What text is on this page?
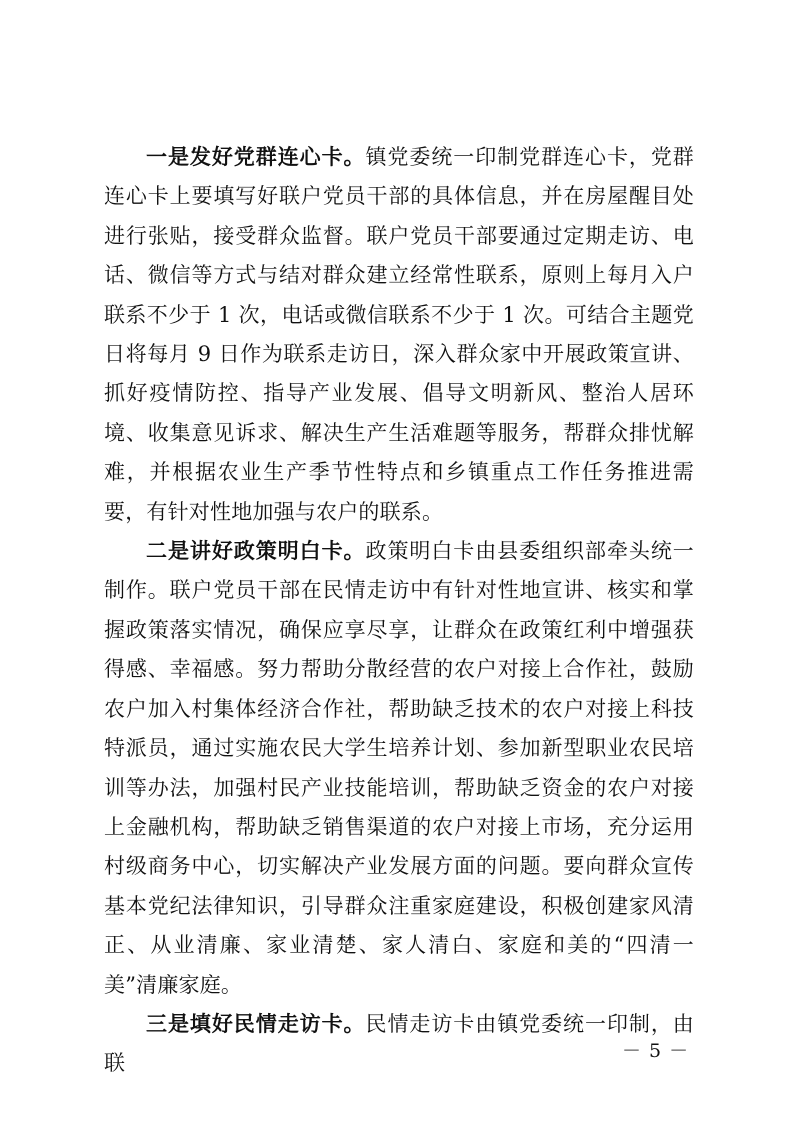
一是发好党群连心卡。镇党委统一印制党群连心卡，党群连心卡上要填写好联户党员干部的具体信息，并在房屋醒目处进行张贴，接受群众监督。联户党员干部要通过定期走访、电话、微信等方式与结对群众建立经常性联系，原则上每月入户联系不少于 1 次，电话或微信联系不少于 1 次。可结合主题党日将每月 9 日作为联系走访日，深入群众家中开展政策宣讲、抓好疫情防控、指导产业发展、倡导文明新风、整治人居环境、收集意见诉求、解决生产生活难题等服务，帮群众排忧解难，并根据农业生产季节性特点和乡镇重点工作任务推进需要，有针对性地加强与农户的联系。

二是讲好政策明白卡。政策明白卡由县委组织部牵头统一制作。联户党员干部在民情走访中有针对性地宣讲、核实和掌握政策落实情况，确保应享尽享，让群众在政策红利中增强获得感、幸福感。努力帮助分散经营的农户对接上合作社，鼓励农户加入村集体经济合作社，帮助缺乏技术的农户对接上科技特派员，通过实施农民大学生培养计划、参加新型职业农民培训等办法，加强村民产业技能培训，帮助缺乏资金的农户对接上金融机构，帮助缺乏销售渠道的农户对接上市场，充分运用村级商务中心，切实解决产业发展方面的问题。要向群众宣传基本党纪法律知识，引导群众注重家庭建设，积极创建家风清正、从业清廉、家业清楚、家人清白、家庭和美的“四清一美”清廉家庭。

三是填好民情走访卡。民情走访卡由镇党委统一印制，由联

－ 5 －
